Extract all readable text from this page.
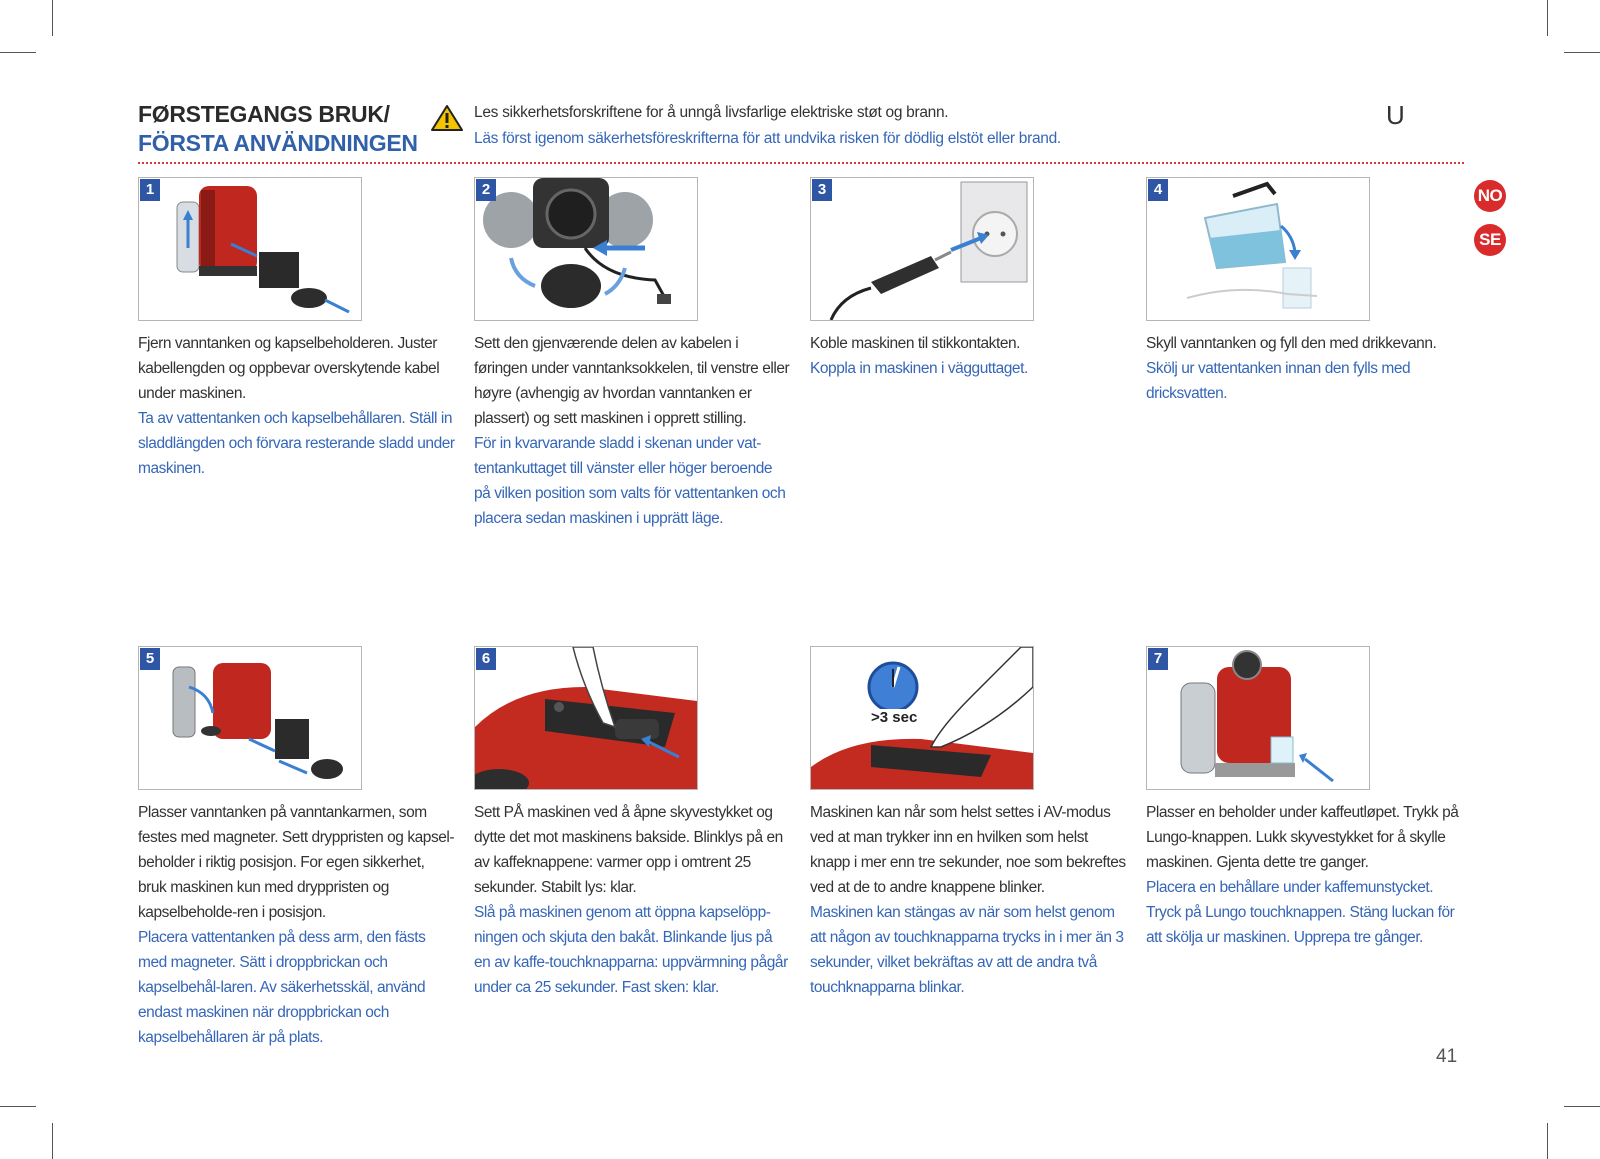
FØRSTEGANGS BRUK/
FÖRSTA ANVÄNDNINGEN
Les sikkerhetsforskriftene for å unngå livsfarlige elektriske støt og brann.
Läs först igenom säkerhetsföreskrifterna för att undvika risken för dödlig elstöt eller brand.
U
NO
SE
1
Fjern vanntanken og kapselbeholderen. Juster kabellengden og oppbevar overskytende kabel under maskinen.
Ta av vattentanken och kapselbehållaren. Ställ in sladdlängden och förvara resterande sladd under maskinen.
2
Sett den gjenværende delen av kabelen i føringen under vanntanksokkelen, til venstre eller høyre (avhengig av hvordan vanntanken er plassert) og sett maskinen i opprett stilling.
För in kvarvarande sladd i skenan under vat-tentankuttaget till vänster eller höger beroende på vilken position som valts för vattentanken och placera sedan maskinen i upprätt läge.
3
Koble maskinen til stikkontakten.
Koppla in maskinen i vägguttaget.
4
Skyll vanntanken og fyll den med drikkevann.
Skölj ur vattentanken innan den fylls med dricksvatten.
5
Plasser vanntanken på vanntankarmen, som festes med magneter. Sett dryppristen og kapsel-beholder i riktig posisjon. For egen sikkerhet, bruk maskinen kun med dryppristen og kapselbeholde-ren i posisjon.
Placera vattentanken på dess arm, den fästs med magneter. Sätt i droppbrickan och kapselbehål-laren. Av säkerhetsskäl, använd endast maskinen när droppbrickan och kapselbehållaren är på plats.
6
Sett PÅ maskinen ved å åpne skyvestykket og dytte det mot maskinens bakside. Blinklys på en av kaffeknappene: varmer opp i omtrent 25 sekunder. Stabilt lys: klar.
Slå på maskinen genom att öppna kapselöpp-ningen och skjuta den bakåt. Blinkande ljus på en av kaffe-touchknapparna: uppvärmning pågår under ca 25 sekunder. Fast sken: klar.
>3 sec
Maskinen kan når som helst settes i AV-modus ved at man trykker inn en hvilken som helst knapp i mer enn tre sekunder, noe som bekreftes ved at de to andre knappene blinker.
Maskinen kan stängas av när som helst genom att någon av touchknapparna trycks in i mer än 3 sekunder, vilket bekräftas av att de andra två touchknapparna blinkar.
7
Plasser en beholder under kaffeutløpet. Trykk på Lungo-knappen. Lukk skyvestykket for å skylle maskinen. Gjenta dette tre ganger.
Placera en behållare under kaffemunstycket. Tryck på Lungo touchknappen. Stäng luckan för att skölja ur maskinen. Upprepa tre gånger.
41
